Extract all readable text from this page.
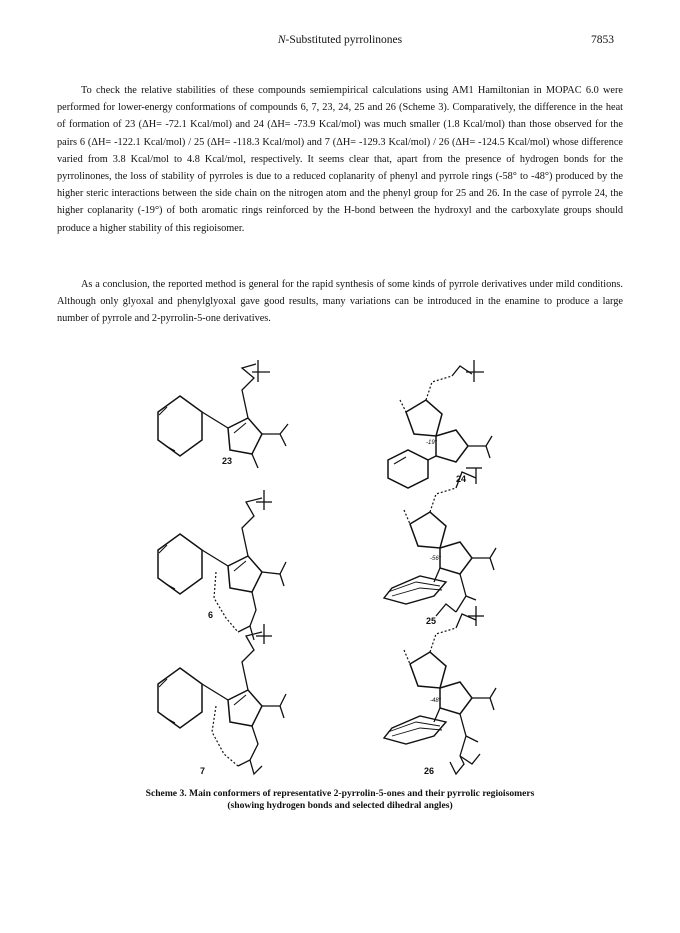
N-Substituted pyrrolinones	7853

To check the relative stabilities of these compounds semiempirical calculations using AM1 Hamiltonian in MOPAC 6.0 were performed for lower-energy conformations of compounds 6, 7, 23, 24, 25 and 26 (Scheme 3). Comparatively, the difference in the heat of formation of 23 (ΔH= -72.1 Kcal/mol) and 24 (ΔH= -73.9 Kcal/mol) was much smaller (1.8 Kcal/mol) than those observed for the pairs 6 (ΔH= -122.1 Kcal/mol) / 25 (ΔH= -118.3 Kcal/mol) and 7 (ΔH= -129.3 Kcal/mol) / 26 (ΔH= -124.5 Kcal/mol) whose difference varied from 3.8 Kcal/mol to 4.8 Kcal/mol, respectively. It seems clear that, apart from the presence of hydrogen bonds for the pyrrolinones, the loss of stability of pyrroles is due to a reduced coplanarity of phenyl and pyrrole rings (-58° to -48°) produced by the higher steric interactions between the side chain on the nitrogen atom and the phenyl group for 25 and 26. In the case of pyrrole 24, the higher coplanarity (-19°) of both aromatic rings reinforced by the H-bond between the hydroxyl and the carboxylate groups should produce a higher stability of this regioisomer.

As a conclusion, the reported method is general for the rapid synthesis of some kinds of pyrrole derivatives under mild conditions. Although only glyoxal and phenylglyoxal gave good results, many variations can be introduced in the enamine to produce a large number of pyrrole and 2-pyrrolin-5-one derivatives.

23
-19°
24
6
-56°
25
7
-48°
26
Scheme 3. Main conformers of representative 2-pyrrolin-5-ones and their pyrrolic regioisomers
(showing hydrogen bonds and selected dihedral angles)
